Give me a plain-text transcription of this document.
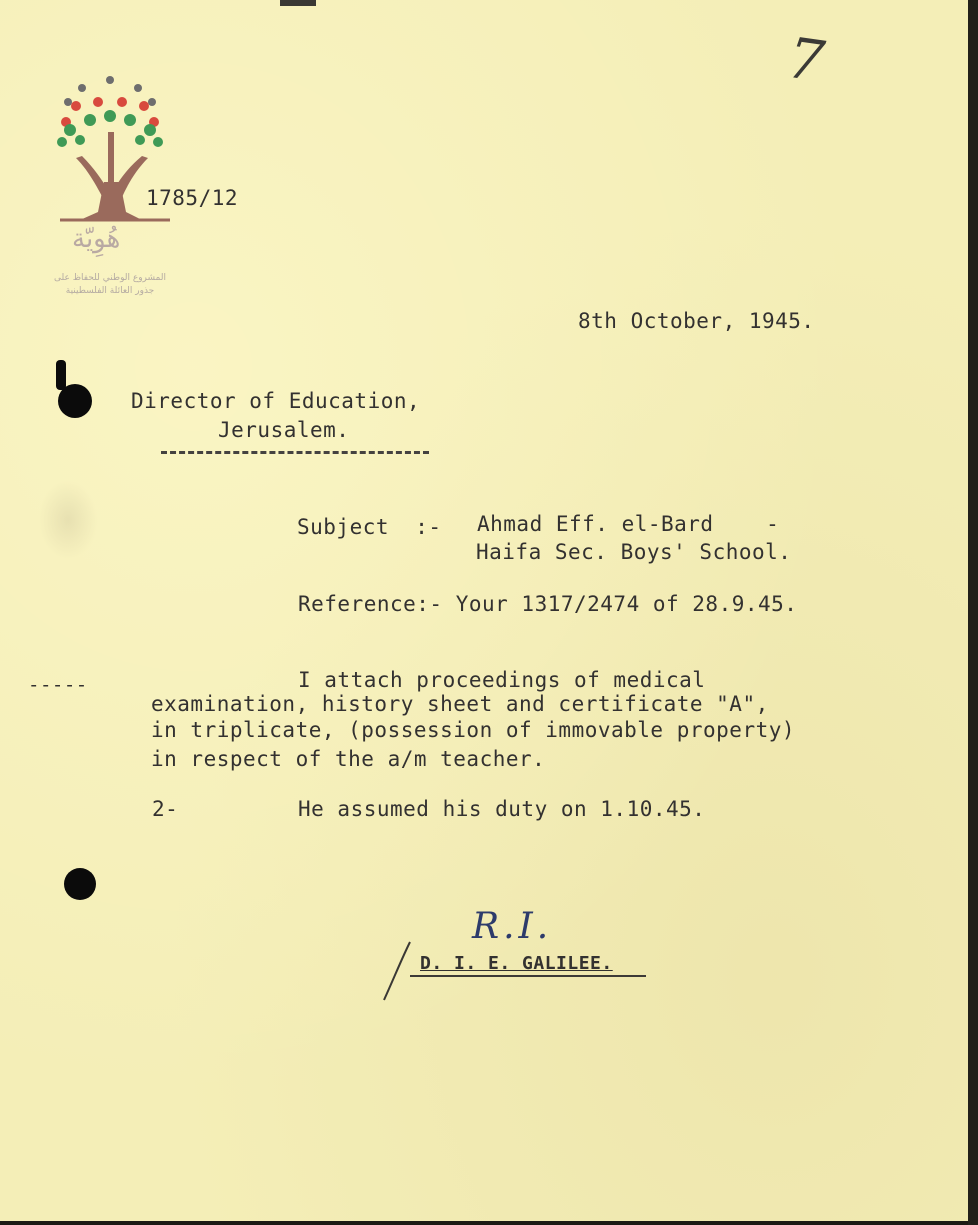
هُوِيّة
المشروع الوطني للحفاظ على
جذور العائلة الفلسطينية
7
1785/12
8th October, 1945.
Director of Education,
Jerusalem.
Subject  :- Ahmad Eff. el-Bard    -
Haifa Sec. Boys' School.
Reference:- Your 1317/2474 of 28.9.45.
-----	I attach proceedings of medical
examination, history sheet and certificate "A",
in triplicate, (possession of immovable property)
in respect of the a/m teacher.
2-	He assumed his duty on 1.10.45.
R.I.
D. I. E. GALILEE.
